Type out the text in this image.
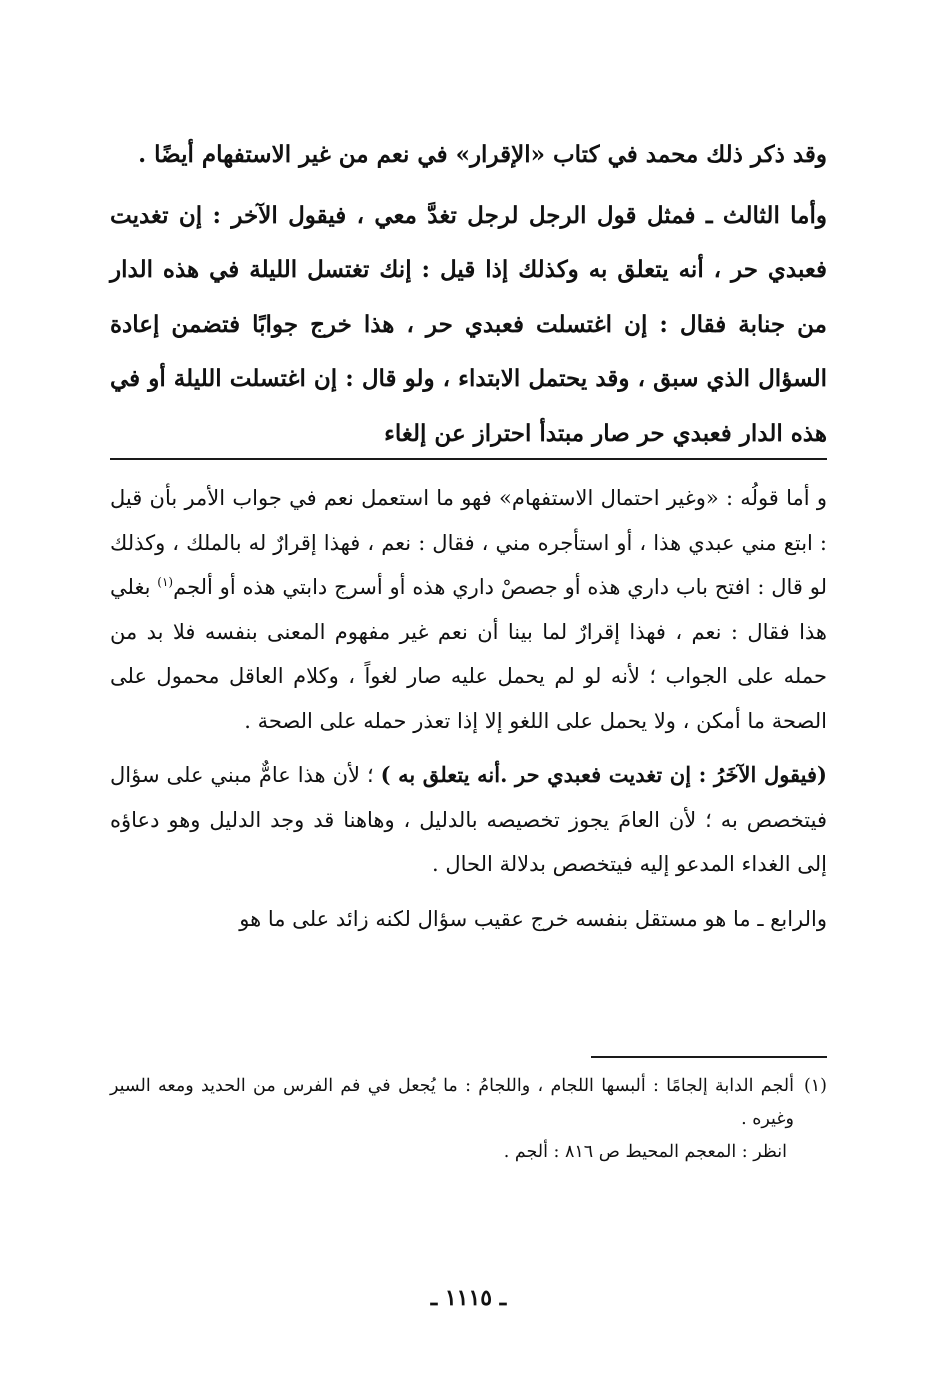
وقد ذكر ذلك محمد في كتاب «الإقرار» في نعم من غير الاستفهام أيضًا .

وأما الثالث ـ فمثل قول الرجل لرجل تغدَّ معي ، فيقول الآخر : إن تغديت فعبدي حر ، أنه يتعلق به وكذلك إذا قيل : إنك تغتسل الليلة في هذه الدار من جنابة فقال : إن اغتسلت فعبدي حر ، هذا خرج جوابًا فتضمن إعادة السؤال الذي سبق ، وقد يحتمل الابتداء ، ولو قال : إن اغتسلت الليلة أو في هذه الدار فعبدي حر صار مبتدأ احتراز عن إلغاء

و أما قولُه : «وغير احتمال الاستفهام» فهو ما استعمل نعم في جواب الأمر بأن قيل : ابتع مني عبدي هذا ، أو استأجره مني ، فقال : نعم ، فهذا إقرارٌ له بالملك ، وكذلك لو قال : افتح باب داري هذه أو جصصْ داري هذه أو أسرج دابتي هذه أو ألجم$^{(١)}$ بغلي هذا فقال : نعم ، فهذا إقرارٌ لما بينا أن نعم غير مفهوم المعنى بنفسه فلا بد من حمله على الجواب ؛ لأنه لو لم يحمل عليه صار لغواً ، وكلام العاقل محمول على الصحة ما أمكن ، ولا يحمل على اللغو إلا إذا تعذر حمله على الصحة .

(فيقول الآخَرُ : إن تغديت فعبدي حر .أنه يتعلق به ) ؛ لأن هذا عامٌّ مبني على سؤال فيتخصص به ؛ لأن العامَ يجوز تخصيصه بالدليل ، وهاهنا قد وجد الدليل وهو دعاؤه إلى الغداء المدعو إليه فيتخصص بدلالة الحال .

والرابع ـ ما هو مستقل بنفسه خرج عقيب سؤال لكنه زائد على ما هو

(١)
ألجم الدابة إلجامًا : ألبسها اللجام ، واللجامُ : ما يُجعل في فم الفرس من الحديد ومعه السير وغيره .
انظر : المعجم المحيط ص ٨١٦ : ألجم .
ـ ١١١٥ ـ
